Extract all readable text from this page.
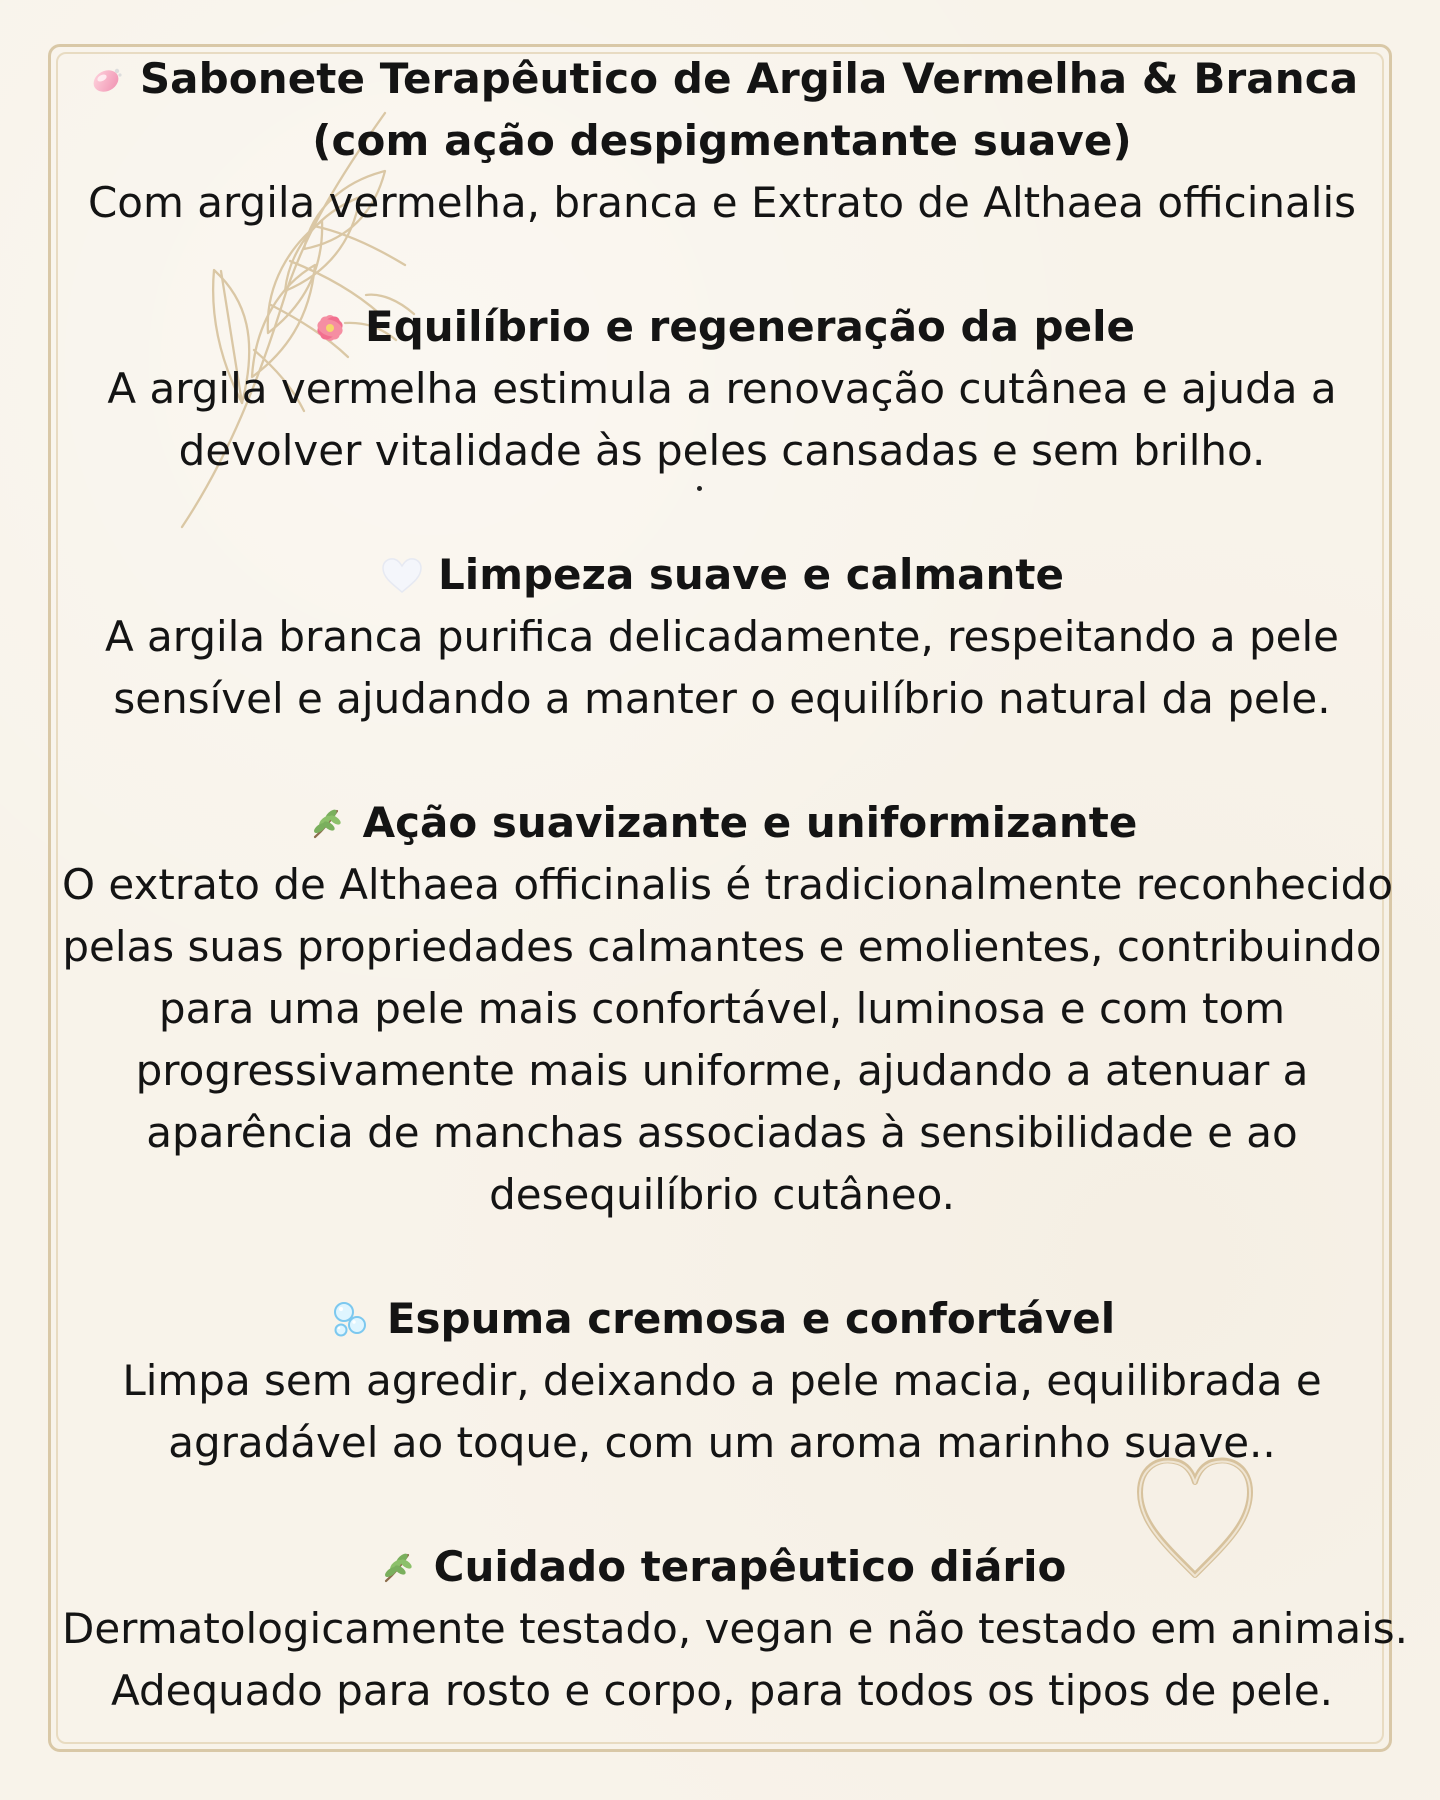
Sabonete Terapêutico de Argila Vermelha & Branca
(com ação despigmentante suave)

Com argila vermelha, branca e Extrato de Althaea officinalis

Equilíbrio e regeneração da pele

A argila vermelha estimula a renovação cutânea e ajuda a
devolver vitalidade às peles cansadas e sem brilho.

Limpeza suave e calmante

A argila branca purifica delicadamente, respeitando a pele
sensível e ajudando a manter o equilíbrio natural da pele.

Ação suavizante e uniformizante

O extrato de Althaea officinalis é tradicionalmente reconhecido
pelas suas propriedades calmantes e emolientes, contribuindo
para uma pele mais confortável, luminosa e com tom
progressivamente mais uniforme, ajudando a atenuar a
aparência de manchas associadas à sensibilidade e ao
desequilíbrio cutâneo.

Espuma cremosa e confortável

Limpa sem agredir, deixando a pele macia, equilibrada e
agradável ao toque, com um aroma marinho suave..

Cuidado terapêutico diário

Dermatologicamente testado, vegan e não testado em animais.
Adequado para rosto e corpo, para todos os tipos de pele.
